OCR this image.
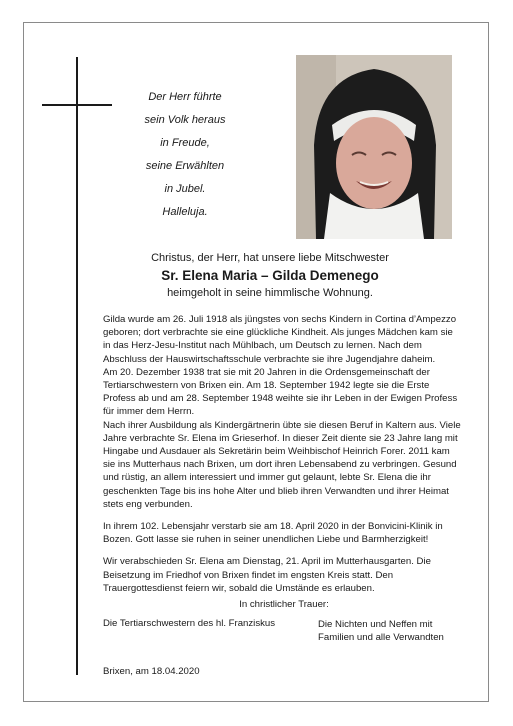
Der Herr führte
sein Volk heraus
in Freude,
seine Erwählten
in Jubel.
Halleluja.
Christus, der Herr, hat unsere liebe Mitschwester
Sr. Elena Maria – Gilda Demenego
heimgeholt in seine himmlische Wohnung.

Gilda wurde am 26. Juli 1918 als jüngstes von sechs Kindern in Cortina d’Ampezzo
geboren; dort verbrachte sie eine glückliche Kindheit. Als junges Mädchen kam sie
in das Herz-Jesu-Institut nach Mühlbach, um Deutsch zu lernen. Nach dem
Abschluss der Hauswirtschaftsschule verbrachte sie ihre Jugendjahre daheim.
Am 20. Dezember 1938 trat sie mit 20 Jahren in die Ordensgemeinschaft der
Tertiarschwestern von Brixen ein. Am 18. September 1942 legte sie die Erste
Profess ab und am 28. September 1948 weihte sie ihr Leben in der Ewigen Profess
für immer dem Herrn.
Nach ihrer Ausbildung als Kindergärtnerin übte sie diesen Beruf in Kaltern aus. Viele
Jahre verbrachte Sr. Elena im Grieserhof. In dieser Zeit diente sie 23 Jahre lang mit
Hingabe und Ausdauer als Sekretärin beim Weihbischof Heinrich Forer. 2011 kam
sie ins Mutterhaus nach Brixen, um dort ihren Lebensabend zu verbringen. Gesund
und rüstig, an allem interessiert und immer gut gelaunt, lebte Sr. Elena die ihr
geschenkten Tage bis ins hohe Alter und blieb ihren Verwandten und ihrer Heimat
stets eng verbunden.

In ihrem 102. Lebensjahr verstarb sie am 18. April 2020 in der Bonvicini-Klinik in
Bozen. Gott lasse sie ruhen in seiner unendlichen Liebe und Barmherzigkeit!

Wir verabschieden Sr. Elena am Dienstag, 21. April im Mutterhausgarten. Die
Beisetzung im Friedhof von Brixen findet im engsten Kreis statt. Den
Trauergottesdienst feiern wir, sobald die Umstände es erlauben.

In christlicher Trauer:
Die Tertiarschwestern des hl. Franziskus	Die Nichten und Neffen mit
Familien und alle Verwandten
Brixen, am 18.04.2020
